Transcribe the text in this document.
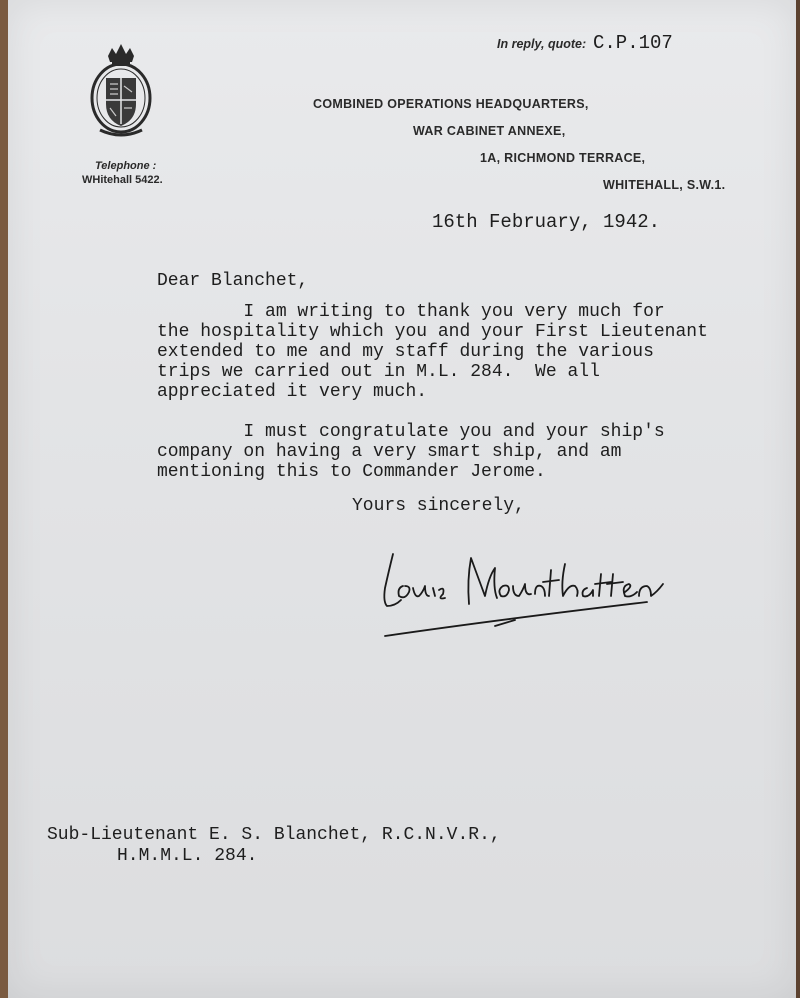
In reply, quote: C.P.107
Telephone :
WHitehall 5422.
COMBINED OPERATIONS HEADQUARTERS,
WAR CABINET ANNEXE,
1A, RICHMOND TERRACE,
WHITEHALL, S.W.1.
16th February, 1942.
Dear Blanchet,
I am writing to thank you very much for
the hospitality which you and your First Lieutenant
extended to me and my staff during the various
trips we carried out in M.L. 284.  We all
appreciated it very much.
I must congratulate you and your ship's
company on having a very smart ship, and am
mentioning this to Commander Jerome.
Yours sincerely,
Sub-Lieutenant E. S. Blanchet, R.C.N.V.R.,
H.M.M.L. 284.
